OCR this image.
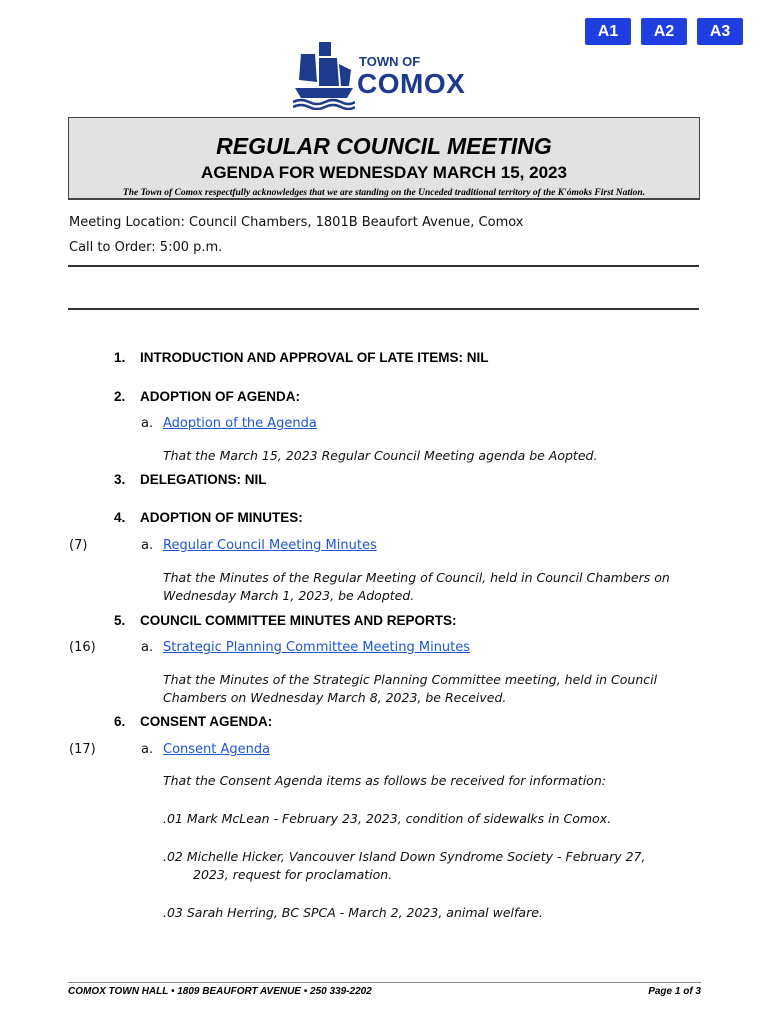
A1	A2	A3
TOWN OF
COMOX
REGULAR COUNCIL MEETING
AGENDA FOR WEDNESDAY MARCH 15, 2023
The Town of Comox respectfully acknowledges that we are standing on the Unceded traditional territory of the K'ómoks First Nation.
Meeting Location: Council Chambers, 1801B Beaufort Avenue, Comox
Call to Order: 5:00 p.m.
1. INTRODUCTION AND APPROVAL OF LATE ITEMS: NIL
2. ADOPTION OF AGENDA:
a. Adoption of the Agenda
That the March 15, 2023 Regular Council Meeting agenda be Aopted.
3. DELEGATIONS: NIL
4. ADOPTION OF MINUTES:
(7)	a. Regular Council Meeting Minutes
That the Minutes of the Regular Meeting of Council, held in Council Chambers on Wednesday March 1, 2023, be Adopted.
5. COUNCIL COMMITTEE MINUTES AND REPORTS:
(16)	a. Strategic Planning Committee Meeting Minutes
That the Minutes of the Strategic Planning Committee meeting, held in Council Chambers on Wednesday March 8, 2023, be Received.
6. CONSENT AGENDA:
(17)	a. Consent Agenda
That the Consent Agenda items as follows be received for information:
.01 Mark McLean - February 23, 2023, condition of sidewalks in Comox.
.02 Michelle Hicker, Vancouver Island Down Syndrome Society - February 27, 2023, request for proclamation.
.03 Sarah Herring, BC SPCA - March 2, 2023, animal welfare.
COMOX TOWN HALL • 1809 BEAUFORT AVENUE • 250 339-2202	Page 1 of 3
